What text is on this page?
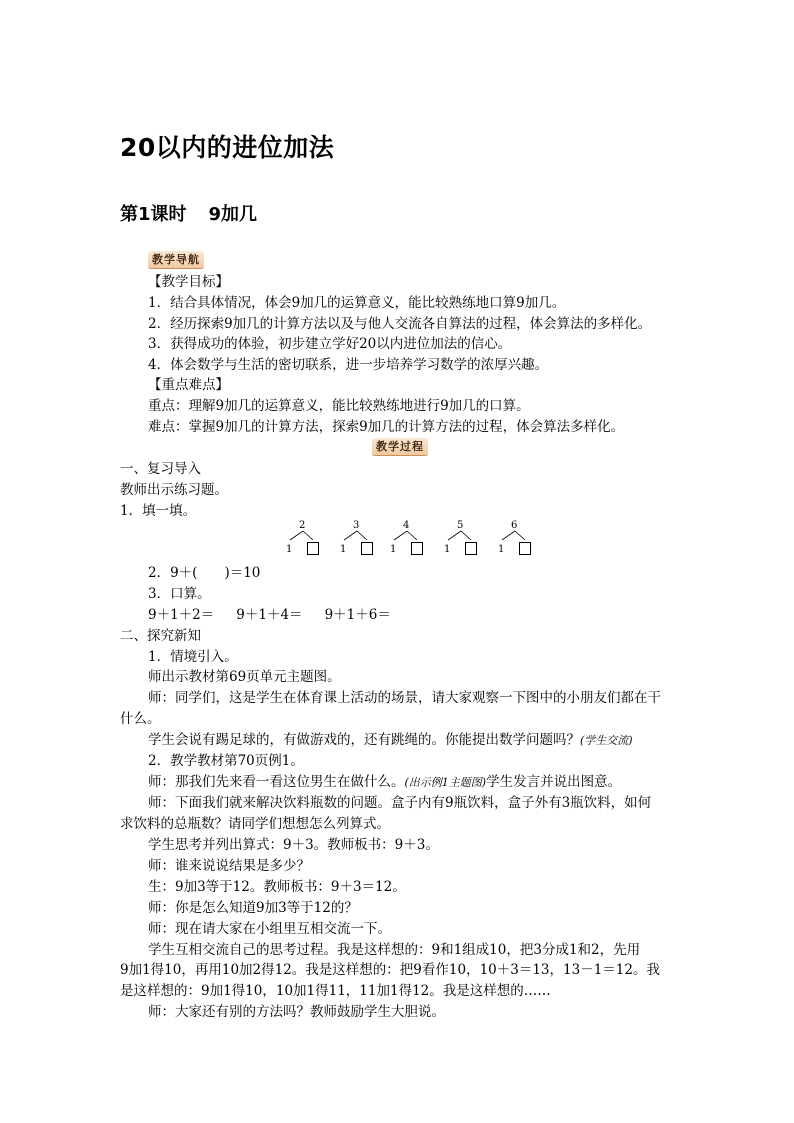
20以内的进位加法
第1课时 9加几
教学导航
【教学目标】
1．结合具体情况，体会9加几的运算意义，能比较熟练地口算9加几。
2．经历探索9加几的计算方法以及与他人交流各自算法的过程，体会算法的多样化。
3．获得成功的体验，初步建立学好20以内进位加法的信心。
4．体会数学与生活的密切联系，进一步培养学习数学的浓厚兴趣。
【重点难点】
重点：理解9加几的运算意义，能比较熟练地进行9加几的口算。
难点：掌握9加几的计算方法，探索9加几的计算方法的过程，体会算法多样化。
教学过程
一、复习导入
教师出示练习题。
1．填一填。
2
1
3
1
4
1
5
1
6
1
2．9＋(　　)＝10
3．口算。
9＋1＋2＝ 9＋1＋4＝ 9＋1＋6＝
二、探究新知
1．情境引入。
师出示教材第69页单元主题图。
师：同学们，这是学生在体育课上活动的场景，请大家观察一下图中的小朋友们都在干
什么。
学生会说有踢足球的，有做游戏的，还有跳绳的。你能提出数学问题吗？(学生交流)
2．教学教材第70页例1。
师：那我们先来看一看这位男生在做什么。(出示例1主题图)学生发言并说出图意。
师：下面我们就来解决饮料瓶数的问题。盒子内有9瓶饮料，盒子外有3瓶饮料，如何
求饮料的总瓶数？请同学们想想怎么列算式。
学生思考并列出算式：9＋3。教师板书：9＋3。
师：谁来说说结果是多少？
生：9加3等于12。教师板书：9＋3＝12。
师：你是怎么知道9加3等于12的？
师：现在请大家在小组里互相交流一下。
学生互相交流自己的思考过程。我是这样想的：9和1组成10，把3分成1和2，先用
9加1得10，再用10加2得12。我是这样想的：把9看作10，10＋3＝13，13－1＝12。我
是这样想的：9加1得10，10加1得11，11加1得12。我是这样想的……
师：大家还有别的方法吗？教师鼓励学生大胆说。
